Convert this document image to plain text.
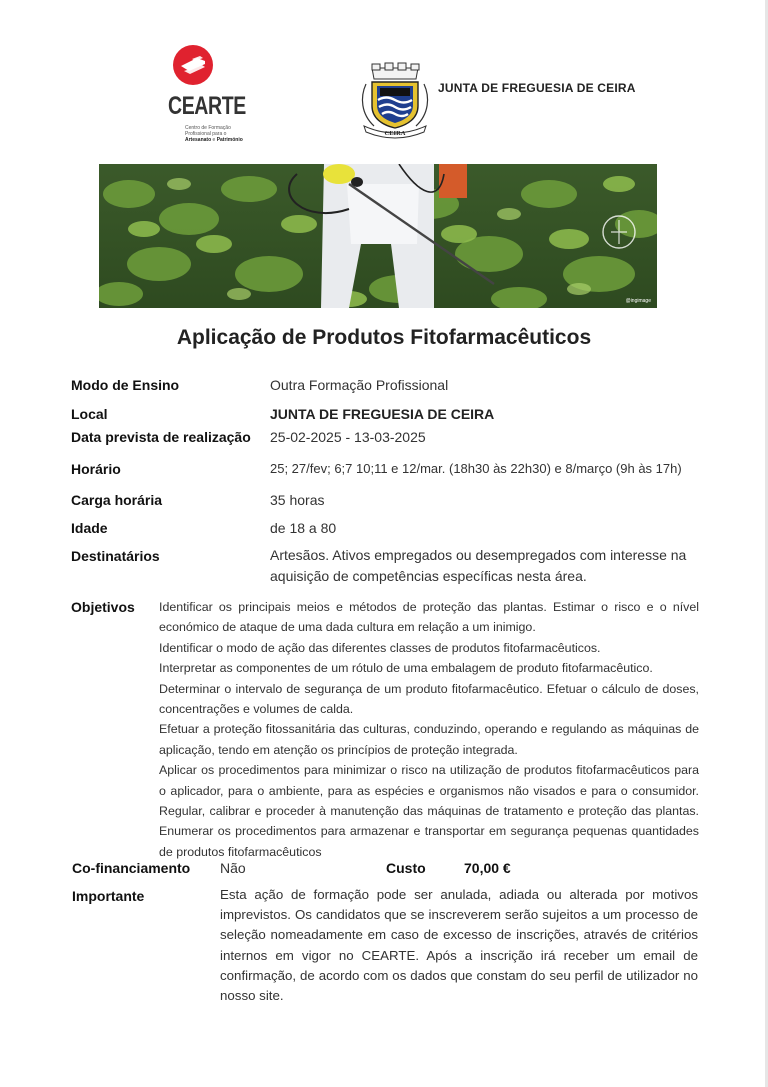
CEARTE
Centro de Formação
Profissional para o
Artesanato e Património
CEIRA
JUNTA DE FREGUESIA DE CEIRA
@ingimage
Aplicação de Produtos Fitofarmacêuticos
Modo de Ensino	Outra Formação Profissional
Local	JUNTA DE FREGUESIA DE CEIRA
Data prevista de realização 25-02-2025 - 13-03-2025
Horário	25; 27/fev; 6;7 10;11 e 12/mar. (18h30 às 22h30) e 8/março (9h às 17h)
Carga horária	35 horas
Idade	de 18 a 80
Destinatários	Artesãos. Ativos empregados ou desempregados com interesse na aquisição de competências específicas nesta área.
Objetivos Identificar os principais meios e métodos de proteção das plantas. Estimar o risco e o nível económico de ataque de uma dada cultura em relação a um inimigo.

Identificar o modo de ação das diferentes classes de produtos fitofarmacêuticos.

Interpretar as componentes de um rótulo de uma embalagem de produto fitofarmacêutico.

Determinar o intervalo de segurança de um produto fitofarmacêutico. Efetuar o cálculo de doses, concentrações e volumes de calda.

Efetuar a proteção fitossanitária das culturas, conduzindo, operando e regulando as máquinas de aplicação, tendo em atenção os princípios de proteção integrada.

Aplicar os procedimentos para minimizar o risco na utilização de produtos fitofarmacêuticos para o aplicador, para o ambiente, para as espécies e organismos não visados e para o consumidor. Regular, calibrar e proceder à manutenção das máquinas de tratamento e proteção das plantas. Enumerar os procedimentos para armazenar e transportar em segurança pequenas quantidades de produtos fitofarmacêuticos

Co-financiamento Não	Custo	70,00 €
Importante	Esta ação de formação pode ser anulada, adiada ou alterada por motivos imprevistos. Os candidatos que se inscreverem serão sujeitos a um processo de seleção nomeadamente em caso de excesso de inscrições, através de critérios internos em vigor no CEARTE. Após a inscrição irá receber um email de confirmação, de acordo com os dados que constam do seu perfil de utilizador no nosso site.
